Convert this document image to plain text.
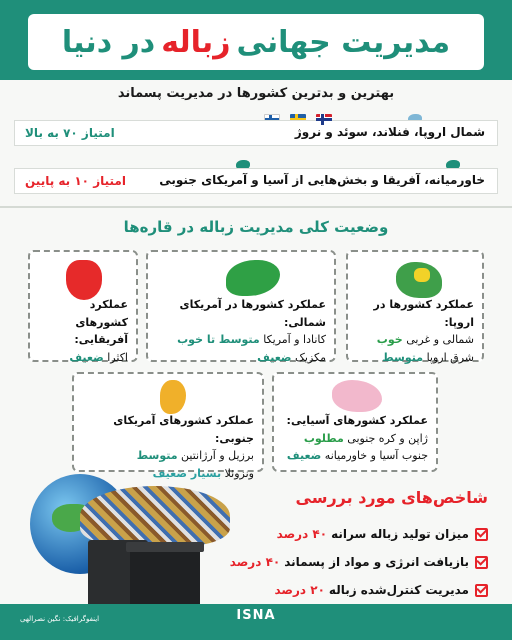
مدیریت جهانی
زباله
در دنیا
بهترین و بدترین کشورها در مدیریت پسماند
شمال اروپا، فنلاند، سوئد و نروژ
امتیاز ۷۰ به بالا
خاورمیانه، آفریقا و بخش‌هایی از آسیا و آمریکای جنوبی
امتیاز ۱۰ به پایین
وضعیت کلی مدیریت زباله در قاره‌ها
عملکرد کشورها در اروپا:
شمالی و غربی خوب
شرق اروپا متوسط
عملکرد کشورها در آمریکای شمالی:
کانادا و آمریکا متوسط تا خوب
مکزیک ضعیف
عملکرد کشورهای آفریقایی:
اکثرا ضعیف
عملکرد کشورهای آسیایی:
ژاپن و کره جنوبی مطلوب
جنوب آسیا و خاورمیانه ضعیف
عملکرد کشورهای آمریکای جنوبی:
برزیل و آرژانتین متوسط
ونزوئلا بسیار ضعیف
شاخص‌های مورد بررسی
میزان تولید زباله سرانه
۴۰ درصد
بازیافت انرژی و مواد از پسماند
۴۰ درصد
مدیریت کنترل‌شده زباله
۲۰ درصد
ISNA
اینفوگرافیک: نگین نصرالهی
